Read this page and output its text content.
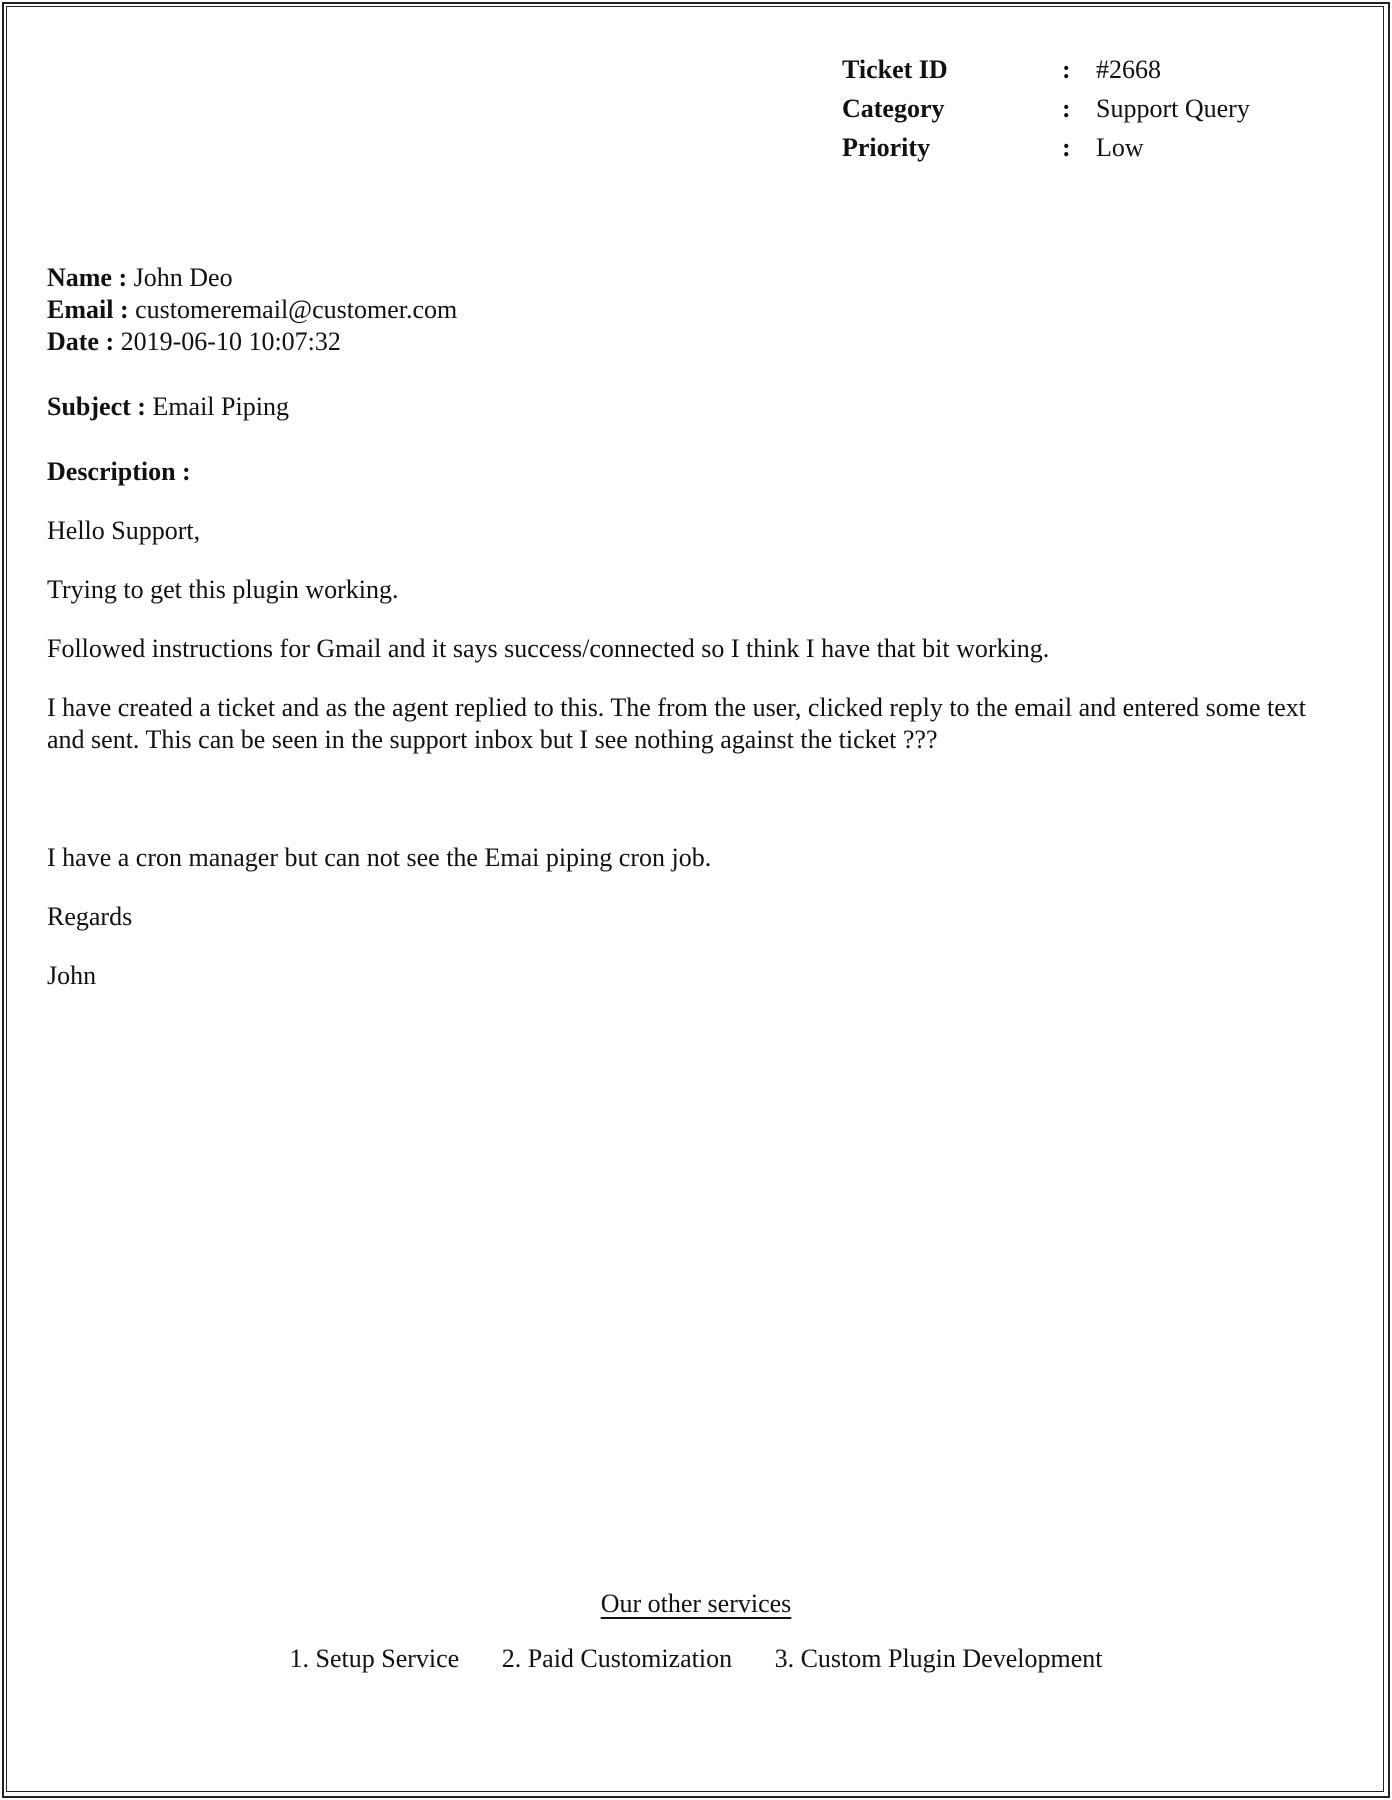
Ticket ID	: #2668
Category	: Support Query
Priority	: Low
Name : John Deo
Email : customeremail@customer.com
Date : 2019-06-10 10:07:32
Subject : Email Piping
Description :

Hello Support,

Trying to get this plugin working.

Followed instructions for Gmail and it says success/connected so I think I have that bit working.

I have created a ticket and as the agent replied to this. The from the user, clicked reply to the email and entered some text and sent. This can be seen in the support inbox but I see nothing against the ticket ???

I have a cron manager but can not see the Emai piping cron job.

Regards

John

Our other services
1. Setup Service 2. Paid Customization 3. Custom Plugin Development
